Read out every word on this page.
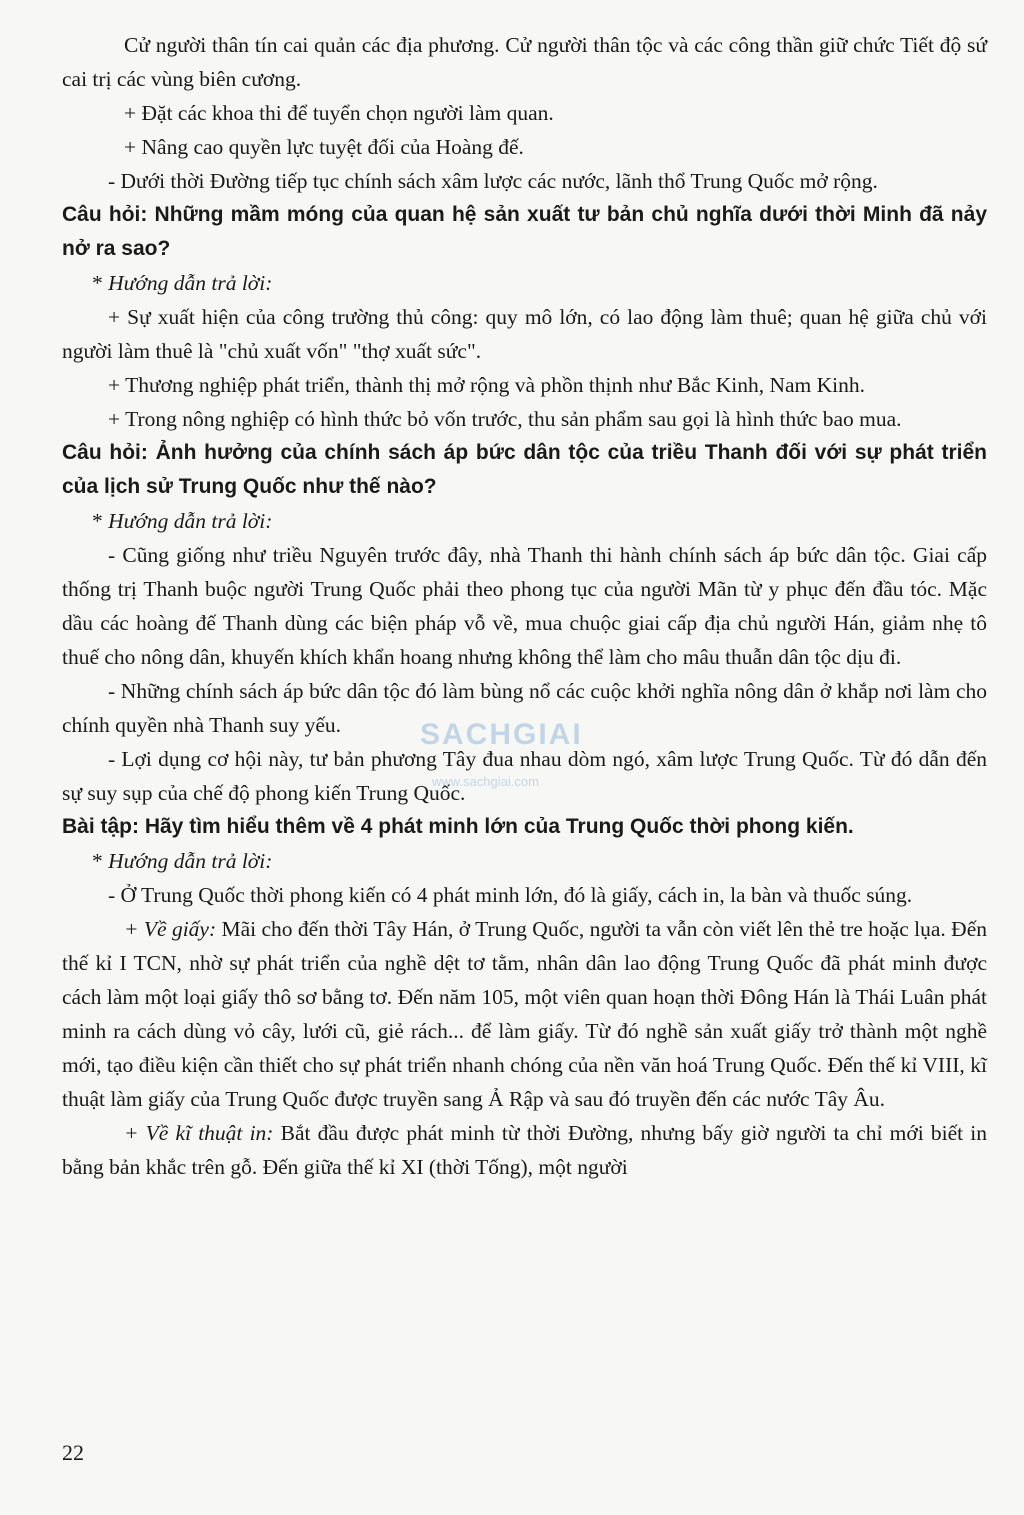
Cử người thân tín cai quản các địa phương. Cử người thân tộc và các công thần giữ chức Tiết độ sứ cai trị các vùng biên cương.

+ Đặt các khoa thi để tuyển chọn người làm quan.

+ Nâng cao quyền lực tuyệt đối của Hoàng đế.

- Dưới thời Đường tiếp tục chính sách xâm lược các nước, lãnh thổ Trung Quốc mở rộng.

Câu hỏi: Những mầm móng của quan hệ sản xuất tư bản chủ nghĩa dưới thời Minh đã nảy nở ra sao?

* Hướng dẫn trả lời:

+ Sự xuất hiện của công trường thủ công: quy mô lớn, có lao động làm thuê; quan hệ giữa chủ với người làm thuê là "chủ xuất vốn" "thợ xuất sức".

+ Thương nghiệp phát triển, thành thị mở rộng và phồn thịnh như Bắc Kinh, Nam Kinh.

+ Trong nông nghiệp có hình thức bỏ vốn trước, thu sản phẩm sau gọi là hình thức bao mua.

Câu hỏi: Ảnh hưởng của chính sách áp bức dân tộc của triều Thanh đối với sự phát triển của lịch sử Trung Quốc như thế nào?

* Hướng dẫn trả lời:

- Cũng giống như triều Nguyên trước đây, nhà Thanh thi hành chính sách áp bức dân tộc. Giai cấp thống trị Thanh buộc người Trung Quốc phải theo phong tục của người Mãn từ y phục đến đầu tóc. Mặc dầu các hoàng đế Thanh dùng các biện pháp vỗ về, mua chuộc giai cấp địa chủ người Hán, giảm nhẹ tô thuế cho nông dân, khuyến khích khẩn hoang nhưng không thể làm cho mâu thuẫn dân tộc dịu đi.

- Những chính sách áp bức dân tộc đó làm bùng nổ các cuộc khởi nghĩa nông dân ở khắp nơi làm cho chính quyền nhà Thanh suy yếu.

- Lợi dụng cơ hội này, tư bản phương Tây đua nhau dòm ngó, xâm lược Trung Quốc. Từ đó dẫn đến sự suy sụp của chế độ phong kiến Trung Quốc.

Bài tập: Hãy tìm hiểu thêm về 4 phát minh lớn của Trung Quốc thời phong kiến.

* Hướng dẫn trả lời:

- Ở Trung Quốc thời phong kiến có 4 phát minh lớn, đó là giấy, cách in, la bàn và thuốc súng.

+ Về giấy: Mãi cho đến thời Tây Hán, ở Trung Quốc, người ta vẫn còn viết lên thẻ tre hoặc lụa. Đến thế kỉ I TCN, nhờ sự phát triển của nghề dệt tơ tằm, nhân dân lao động Trung Quốc đã phát minh được cách làm một loại giấy thô sơ bằng tơ. Đến năm 105, một viên quan hoạn thời Đông Hán là Thái Luân phát minh ra cách dùng vỏ cây, lưới cũ, giẻ rách... để làm giấy. Từ đó nghề sản xuất giấy trở thành một nghề mới, tạo điều kiện cần thiết cho sự phát triển nhanh chóng của nền văn hoá Trung Quốc. Đến thế kỉ VIII, kĩ thuật làm giấy của Trung Quốc được truyền sang Ả Rập và sau đó truyền đến các nước Tây Âu.

+ Về kĩ thuật in: Bắt đầu được phát minh từ thời Đường, nhưng bấy giờ người ta chỉ mới biết in bằng bản khắc trên gỗ. Đến giữa thế kỉ XI (thời Tống), một người

SACHGIAI
www.sachgiai.com
22
